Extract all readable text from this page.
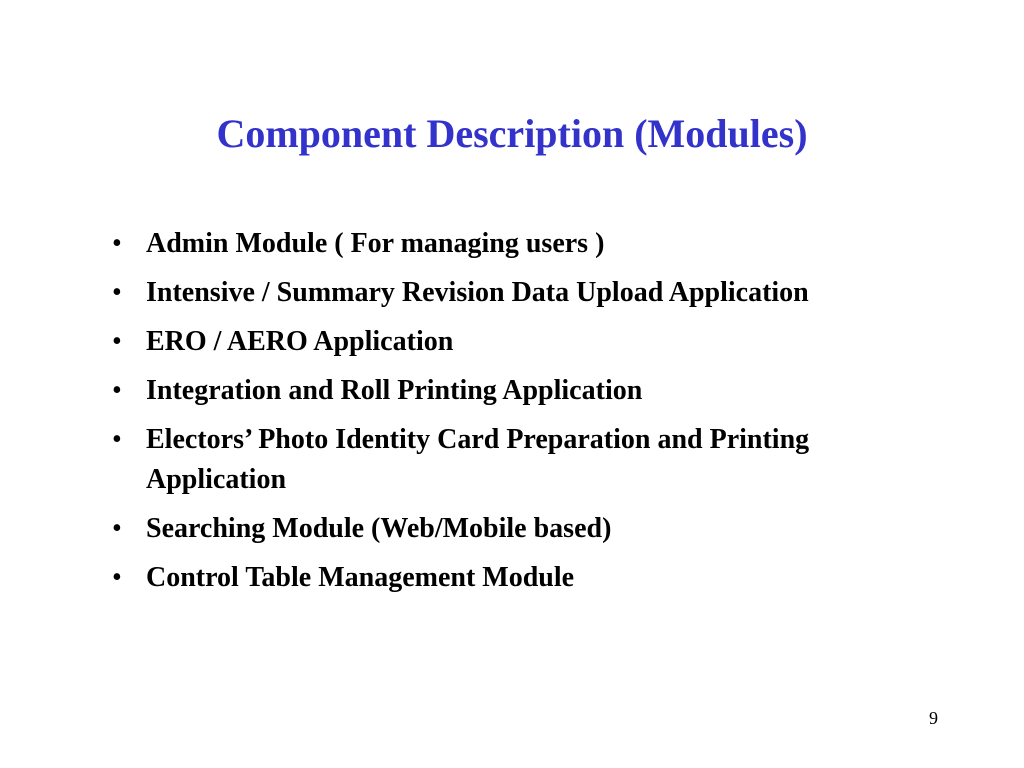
Component Description (Modules)
• Admin Module ( For managing users )
• Intensive / Summary Revision Data Upload Application
• ERO / AERO Application
• Integration and Roll Printing Application
• Electors’ Photo Identity Card Preparation and Printing Application
• Searching Module (Web/Mobile based)
• Control Table Management Module
9
